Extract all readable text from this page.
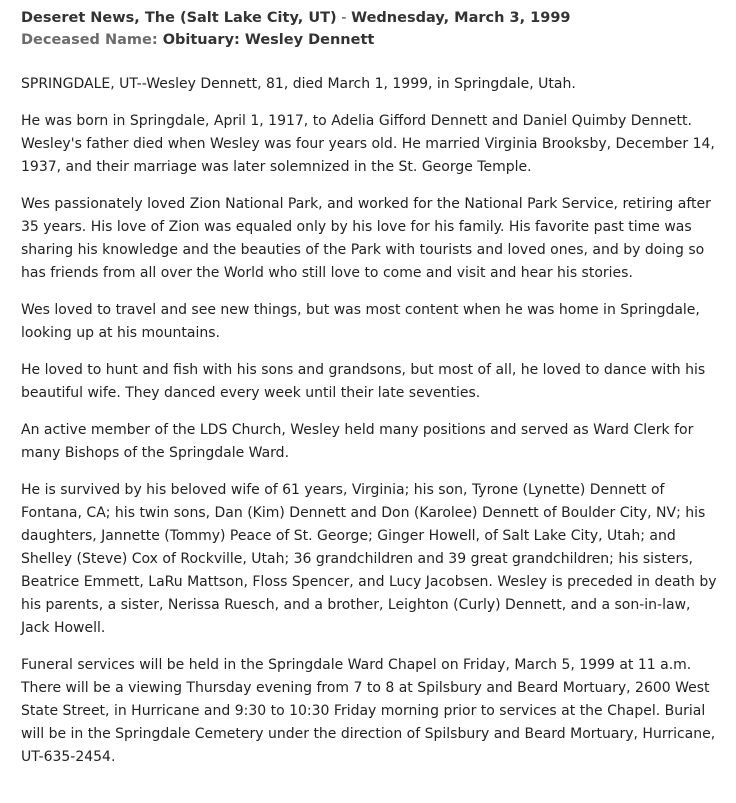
Deseret News, The (Salt Lake City, UT) - Wednesday, March 3, 1999
Deceased Name: Obituary: Wesley Dennett

SPRINGDALE, UT--Wesley Dennett, 81, died March 1, 1999, in Springdale, Utah.

He was born in Springdale, April 1, 1917, to Adelia Gifford Dennett and Daniel Quimby Dennett. Wesley's father died when Wesley was four years old. He married Virginia Brooksby, December 14, 1937, and their marriage was later solemnized in the St. George Temple.

Wes passionately loved Zion National Park, and worked for the National Park Service, retiring after 35 years. His love of Zion was equaled only by his love for his family. His favorite past time was sharing his knowledge and the beauties of the Park with tourists and loved ones, and by doing so has friends from all over the World who still love to come and visit and hear his stories.

Wes loved to travel and see new things, but was most content when he was home in Springdale, looking up at his mountains.

He loved to hunt and fish with his sons and grandsons, but most of all, he loved to dance with his beautiful wife. They danced every week until their late seventies.

An active member of the LDS Church, Wesley held many positions and served as Ward Clerk for many Bishops of the Springdale Ward.

He is survived by his beloved wife of 61 years, Virginia; his son, Tyrone (Lynette) Dennett of Fontana, CA; his twin sons, Dan (Kim) Dennett and Don (Karolee) Dennett of Boulder City, NV; his daughters, Jannette (Tommy) Peace of St. George; Ginger Howell, of Salt Lake City, Utah; and Shelley (Steve) Cox of Rockville, Utah; 36 grandchildren and 39 great grandchildren; his sisters, Beatrice Emmett, LaRu Mattson, Floss Spencer, and Lucy Jacobsen. Wesley is preceded in death by his parents, a sister, Nerissa Ruesch, and a brother, Leighton (Curly) Dennett, and a son-in-law, Jack Howell.

Funeral services will be held in the Springdale Ward Chapel on Friday, March 5, 1999 at 11 a.m. There will be a viewing Thursday evening from 7 to 8 at Spilsbury and Beard Mortuary, 2600 West State Street, in Hurricane and 9:30 to 10:30 Friday morning prior to services at the Chapel. Burial will be in the Springdale Cemetery under the direction of Spilsbury and Beard Mortuary, Hurricane, UT-635-2454.
